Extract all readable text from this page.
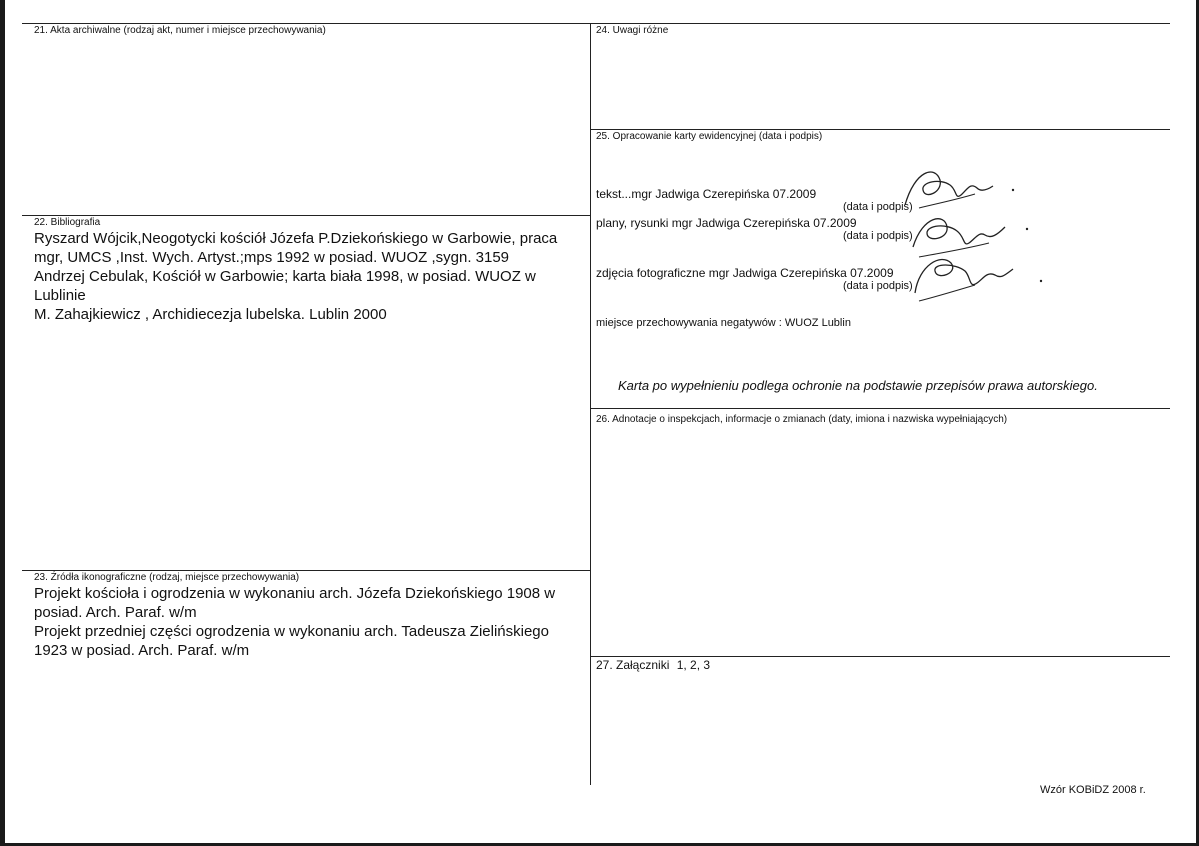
21. Akta archiwalne (rodzaj akt, numer i miejsce przechowywania)
22. Bibliografia
Ryszard Wójcik,Neogotycki kościół Józefa P.Dziekońskiego w Garbowie, praca
mgr, UMCS ,Inst. Wych. Artyst.;mps 1992 w posiad. WUOZ ,sygn. 3159
Andrzej Cebulak, Kościół w Garbowie; karta biała 1998, w posiad. WUOZ w
Lublinie
M. Zahajkiewicz , Archidiecezja lubelska. Lublin 2000
23. Źródła ikonograficzne (rodzaj, miejsce przechowywania)
Projekt kościoła i ogrodzenia w wykonaniu arch. Józefa Dziekońskiego 1908 w
posiad. Arch. Paraf. w/m
Projekt przedniej części ogrodzenia w wykonaniu arch. Tadeusza Zielińskiego
1923 w posiad. Arch. Paraf. w/m
24. Uwagi różne
25. Opracowanie karty ewidencyjnej (data i podpis)
tekst...mgr Jadwiga Czerepińska 07.2009
(data i podpis)
plany, rysunki mgr Jadwiga Czerepińska 07.2009
(data i podpis)
zdjęcia fotograficzne mgr Jadwiga Czerepińska 07.2009
(data i podpis)
miejsce przechowywania negatywów : WUOZ Lublin
Karta po wypełnieniu podlega ochronie na podstawie przepisów prawa autorskiego.
26. Adnotacje o inspekcjach, informacje o zmianach (daty, imiona i nazwiska wypełniających)
27. Załączniki 1, 2, 3
Wzór KOBiDZ 2008 r.
